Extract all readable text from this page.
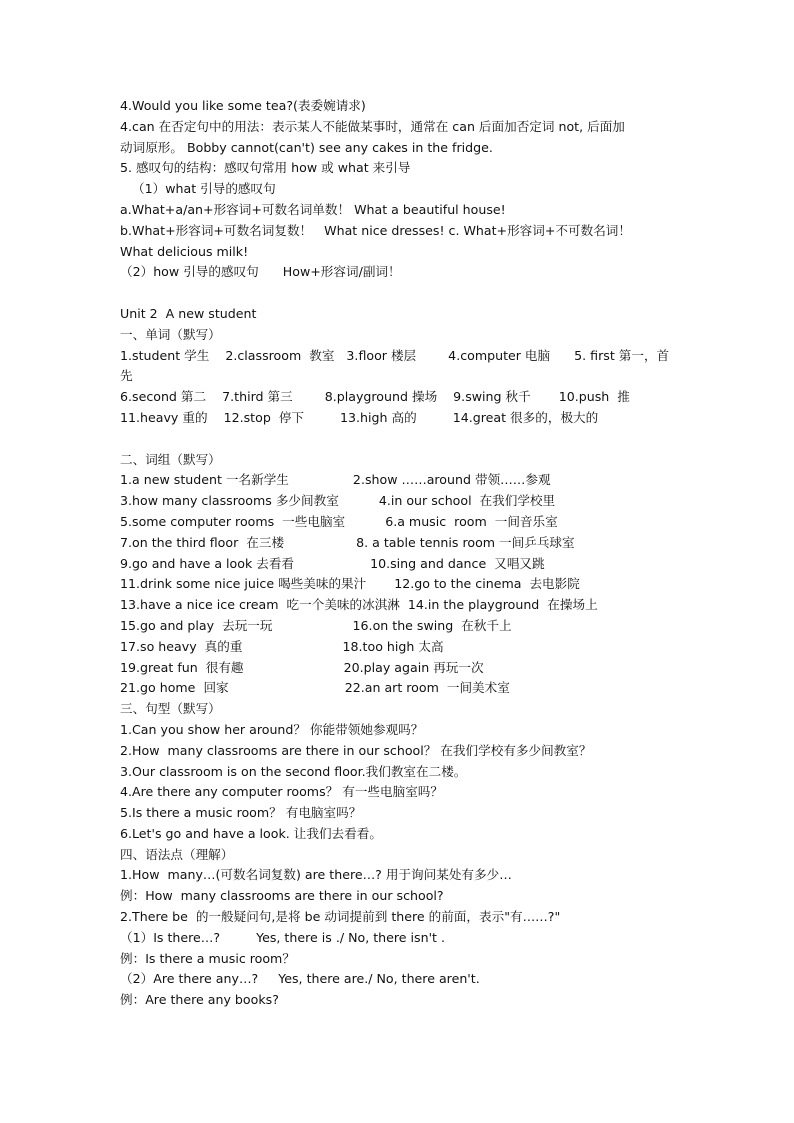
4.Would you like some tea?(表委婉请求)

4.can 在否定句中的用法：表示某人不能做某事时，通常在 can 后面加否定词 not, 后面加

动词原形。 Bobby cannot(can't) see any cakes in the fridge.

5. 感叹句的结构：感叹句常用 how 或 what 来引导

（1）what 引导的感叹句

a.What+a/an+形容词+可数名词单数！ What a beautiful house!

b.What+形容词+可数名词复数！   What nice dresses! c. What+形容词+不可数名词！

What delicious milk!

（2）how 引导的感叹句      How+形容词/副词！

Unit 2  A new student

一、单词（默写）

1.student 学生    2.classroom  教室   3.floor 楼层        4.computer 电脑      5. first 第一，首

先

6.second 第二    7.third 第三        8.playground 操场    9.swing 秋千       10.push  推

11.heavy 重的    12.stop  停下         13.high 高的         14.great 很多的，极大的

二、词组（默写）

1.a new student 一名新学生                2.show ……around 带领……参观

3.how many classrooms 多少间教室          4.in our school  在我们学校里

5.some computer rooms  一些电脑室          6.a music  room  一间音乐室

7.on the third floor  在三楼                  8. a table tennis room 一间乒乓球室

9.go and have a look 去看看                   10.sing and dance  又唱又跳

11.drink some nice juice 喝些美味的果汁       12.go to the cinema  去电影院

13.have a nice ice cream  吃一个美味的冰淇淋  14.in the playground  在操场上

15.go and play  去玩一玩                    16.on the swing  在秋千上

17.so heavy  真的重                         18.too high 太高

19.great fun  很有趣                         20.play again 再玩一次

21.go home  回家                             22.an art room  一间美术室

三、句型（默写）

1.Can you show her around？ 你能带领她参观吗？

2.How  many classrooms are there in our school？ 在我们学校有多少间教室？

3.Our classroom is on the second floor.我们教室在二楼。

4.Are there any computer rooms？ 有一些电脑室吗？

5.Is there a music room？ 有电脑室吗？

6.Let's go and have a look. 让我们去看看。

四、语法点（理解）

1.How  many…(可数名词复数) are there…? 用于询问某处有多少…

例：How  many classrooms are there in our school?

2.There be  的一般疑问句,是将 be 动词提前到 there 的前面，表示"有……?"

（1）Is there…?         Yes, there is ./ No, there isn't .

例：Is there a music room？

（2）Are there any…?     Yes, there are./ No, there aren't.

例：Are there any books?
